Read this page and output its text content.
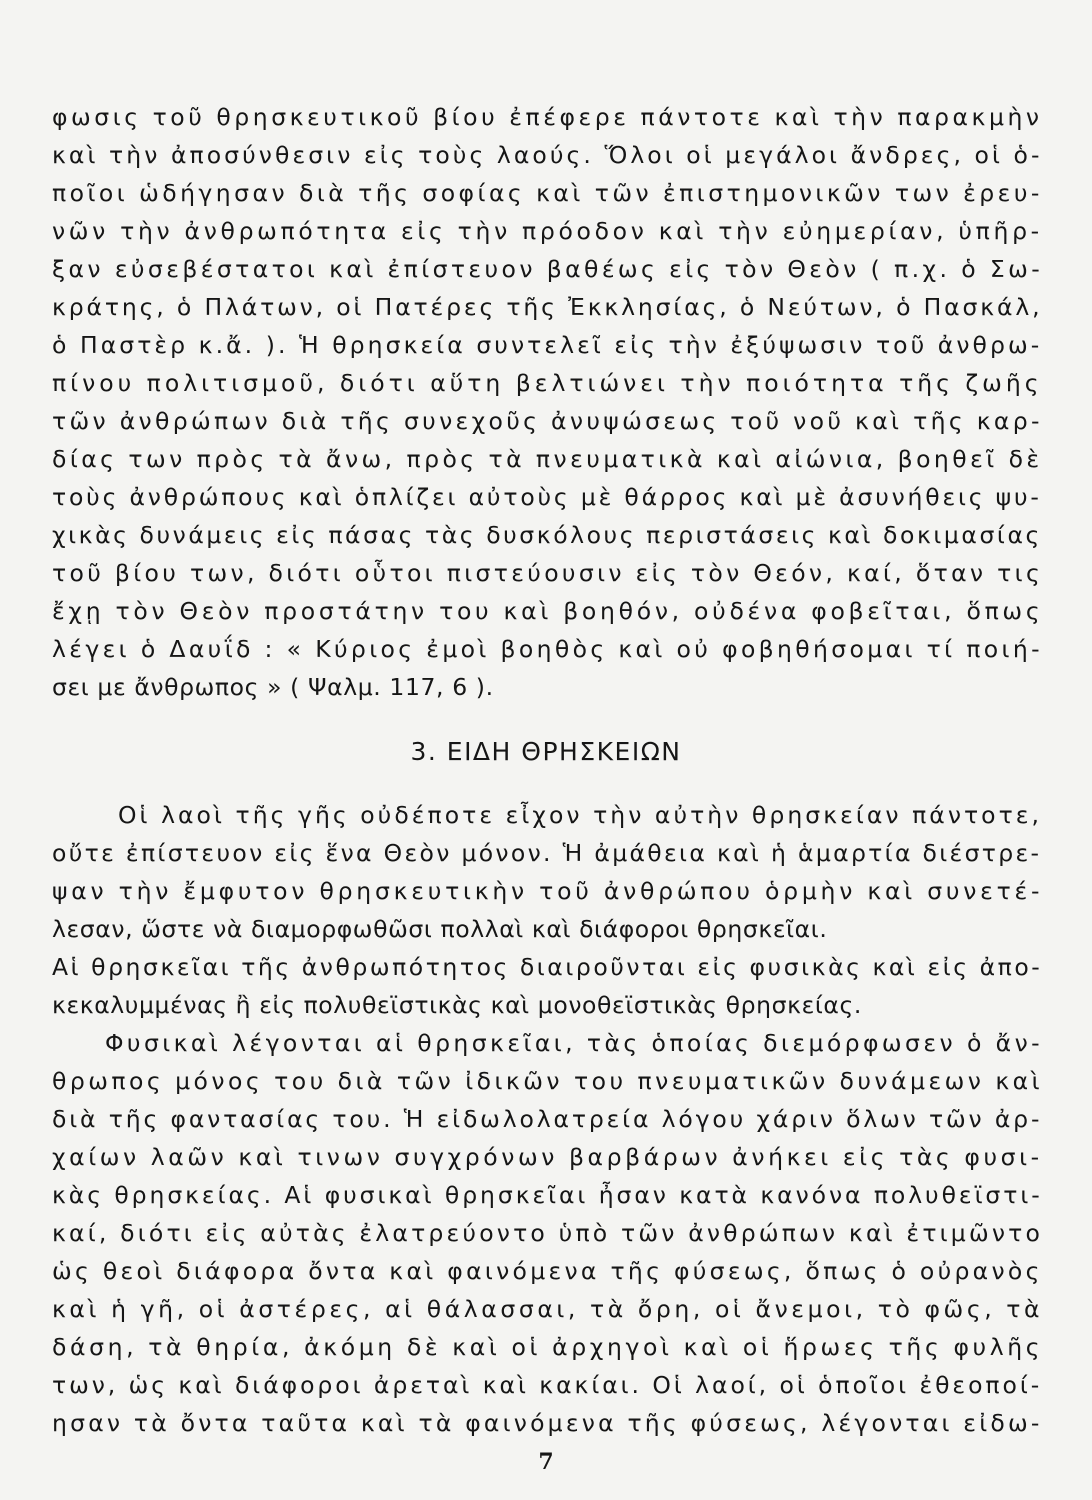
φωσις τοῦ θρησκευτικοῦ βίου ἐπέφερε πάντοτε καὶ τὴν παρακμὴν
καὶ τὴν ἀποσύνθεσιν εἰς τοὺς λαούς. Ὅλοι οἱ μεγάλοι ἄνδρες, οἱ ὁ-
ποῖοι ὡδήγησαν διὰ τῆς σοφίας καὶ τῶν ἐπιστημονικῶν των ἐρευ-
νῶν τὴν ἀνθρωπότητα εἰς τὴν πρόοδον καὶ τὴν εὐημερίαν, ὑπῆρ-
ξαν εὐσεβέστατοι καὶ ἐπίστευον βαθέως εἰς τὸν Θεὸν ( π.χ. ὁ Σω-
κράτης, ὁ Πλάτων, οἱ Πατέρες τῆς Ἐκκλησίας, ὁ Νεύτων, ὁ Πασκάλ,
ὁ Παστὲρ κ.ἄ. ). Ἡ θρησκεία συντελεῖ εἰς τὴν ἐξύψωσιν τοῦ ἀνθρω-
πίνου πολιτισμοῦ, διότι αὕτη βελτιώνει τὴν ποιότητα τῆς ζωῆς
τῶν ἀνθρώπων διὰ τῆς συνεχοῦς ἀνυψώσεως τοῦ νοῦ καὶ τῆς καρ-
δίας των πρὸς τὰ ἄνω, πρὸς τὰ πνευματικὰ καὶ αἰώνια, βοηθεῖ δὲ
τοὺς ἀνθρώπους καὶ ὁπλίζει αὐτοὺς μὲ θάρρος καὶ μὲ ἀσυνήθεις ψυ-
χικὰς δυνάμεις εἰς πάσας τὰς δυσκόλους περιστάσεις καὶ δοκιμασίας
τοῦ βίου των, διότι οὗτοι πιστεύουσιν εἰς τὸν Θεόν, καί, ὅταν τις
ἔχῃ τὸν Θεὸν προστάτην του καὶ βοηθόν, οὐδένα φοβεῖται, ὅπως
λέγει ὁ Δαυΐδ : « Κύριος ἐμοὶ βοηθὸς καὶ οὐ φοβηθήσομαι τί ποιή-
σει με ἄνθρωπος » ( Ψαλμ. 117, 6 ).
3. ΕΙΔΗ ΘΡΗΣΚΕΙΩΝ
Οἱ λαοὶ τῆς γῆς οὐδέποτε εἶχον τὴν αὐτὴν θρησκείαν πάντοτε,
οὔτε ἐπίστευον εἰς ἕνα Θεὸν μόνον. Ἡ ἀμάθεια καὶ ἡ ἁμαρτία διέστρε-
ψαν τὴν ἔμφυτον θρησκευτικὴν τοῦ ἀνθρώπου ὁρμὴν καὶ συνετέ-
λεσαν, ὥστε νὰ διαμορφωθῶσι πολλαὶ καὶ διάφοροι θρησκεῖαι.
Αἱ θρησκεῖαι τῆς ἀνθρωπότητος διαιροῦνται εἰς φυσικὰς καὶ εἰς ἀπο-
κεκαλυμμένας ἢ εἰς πολυθεϊστικὰς καὶ μονοθεϊστικὰς θρησκείας.
Φυσικαὶ λέγονται αἱ θρησκεῖαι, τὰς ὁποίας διεμόρφωσεν ὁ ἄν-
θρωπος μόνος του διὰ τῶν ἰδικῶν του πνευματικῶν δυνάμεων καὶ
διὰ τῆς φαντασίας του. Ἡ εἰδωλολατρεία λόγου χάριν ὅλων τῶν ἀρ-
χαίων λαῶν καὶ τινων συγχρόνων βαρβάρων ἀνήκει εἰς τὰς φυσι-
κὰς θρησκείας. Αἱ φυσικαὶ θρησκεῖαι ἦσαν κατὰ κανόνα πολυθεϊστι-
καί, διότι εἰς αὐτὰς ἐλατρεύοντο ὑπὸ τῶν ἀνθρώπων καὶ ἐτιμῶντο
ὡς θεοὶ διάφορα ὄντα καὶ φαινόμενα τῆς φύσεως, ὅπως ὁ οὐρανὸς
καὶ ἡ γῆ, οἱ ἀστέρες, αἱ θάλασσαι, τὰ ὄρη, οἱ ἄνεμοι, τὸ φῶς, τὰ
δάση, τὰ θηρία, ἀκόμη δὲ καὶ οἱ ἀρχηγοὶ καὶ οἱ ἥρωες τῆς φυλῆς
των, ὡς καὶ διάφοροι ἀρεταὶ καὶ κακίαι. Οἱ λαοί, οἱ ὁποῖοι ἐθεοποί-
ησαν τὰ ὄντα ταῦτα καὶ τὰ φαινόμενα τῆς φύσεως, λέγονται εἰδω-
7
